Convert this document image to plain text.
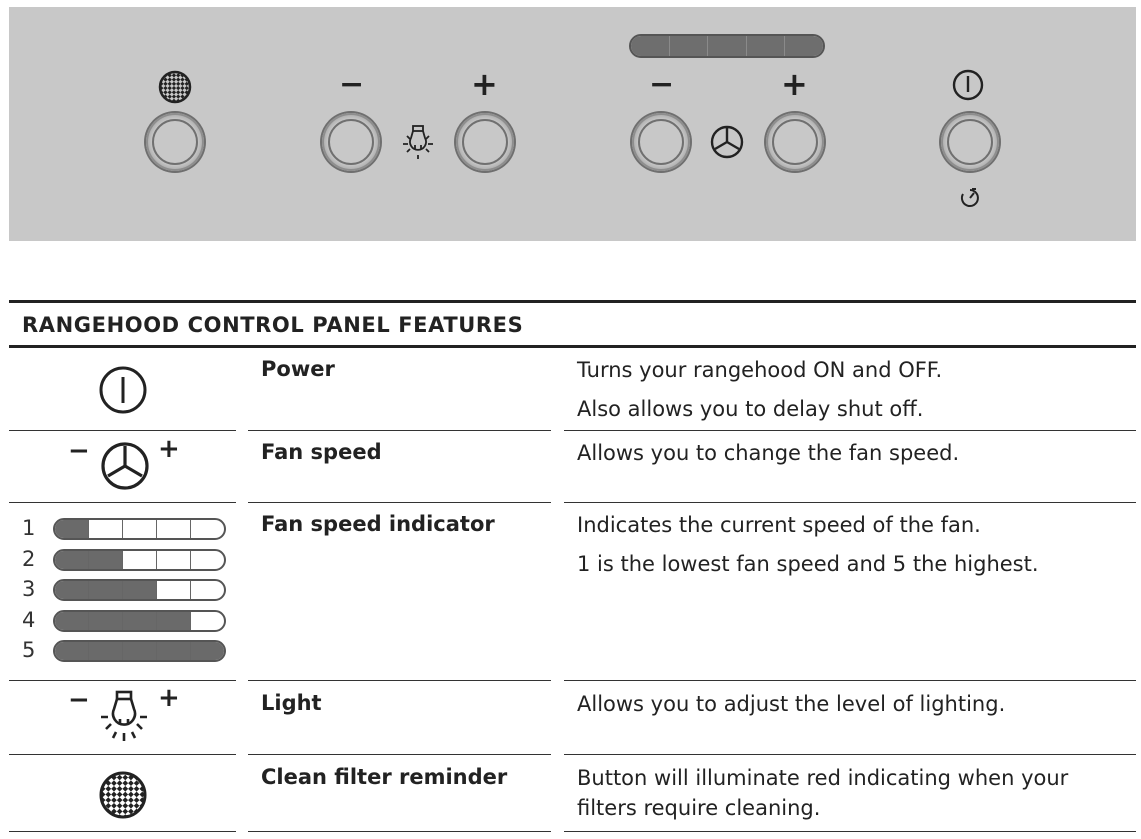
−	+	−	+
RANGEHOOD CONTROL PANEL FEATURES
Power	Turns your rangehood ON and OFF.

Also allows you to delay shut off.

−	+	Fan speed	Allows you to change the fan speed.

1
2
3
4
5
Fan speed indicator	Indicates the current speed of the fan.

1 is the lowest fan speed and 5 the highest.

−	+	Light	Allows you to adjust the level of lighting.

Clean filter reminder	Button will illuminate red indicating when your filters require cleaning.
